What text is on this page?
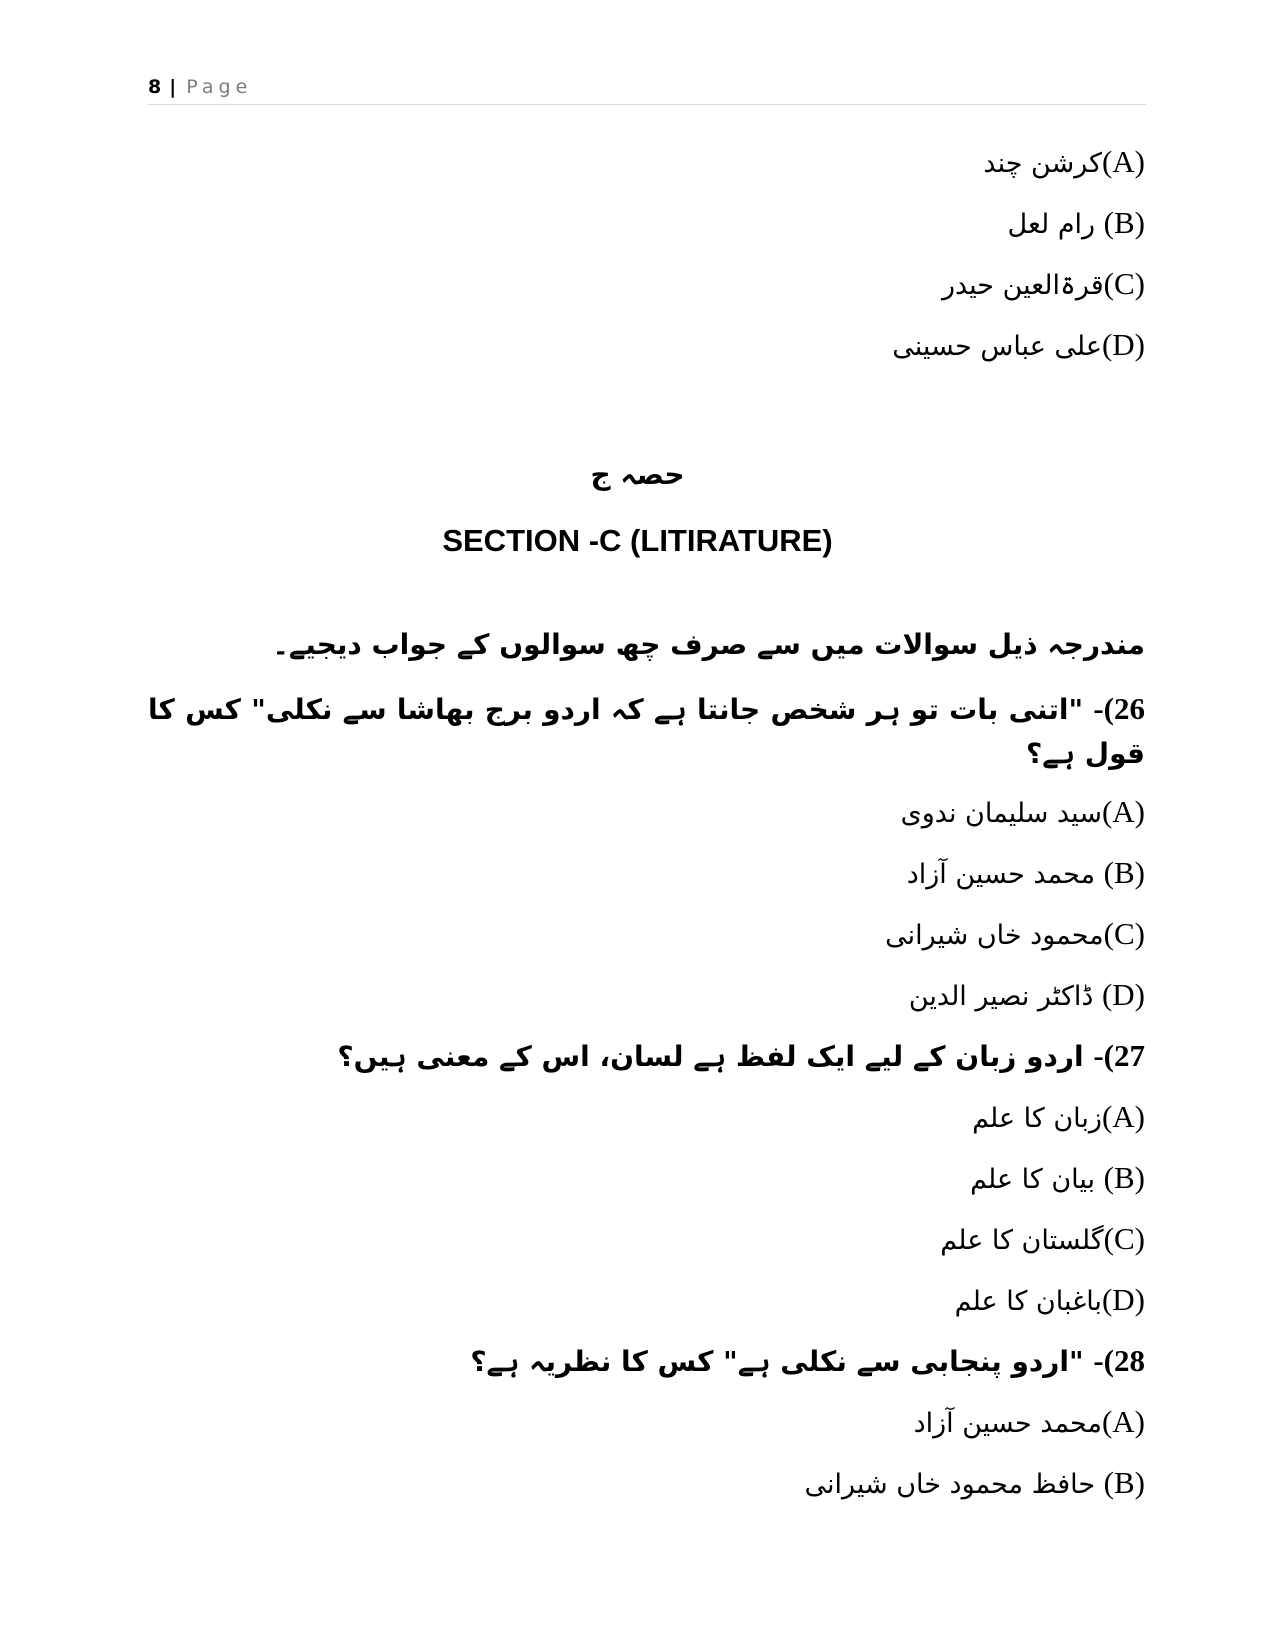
8 | Page
(A)کرشن چند
(B) رام لعل
(C)قرۃالعین حیدر
(D)علی عباس حسینی
حصہ ج
SECTION -C (LITIRATURE)
مندرجہ ذیل سوالات میں سے صرف چھ سوالوں کے جواب دیجیے۔
26)- "اتنی بات تو ہر شخص جانتا ہے کہ اردو برج بھاشا سے نکلی" کس کا قول ہے؟
(A)سید سلیمان ندوی
(B) محمد حسین آزاد
(C)محمود خاں شیرانی
(D) ڈاکٹر نصیر الدین
27)- اردو زبان کے لیے ایک لفظ ہے لسان، اس کے معنی ہیں؟
(A)زبان کا علم
(B) بیان کا علم
(C)گلستان کا علم
(D)باغبان کا علم
28)- "اردو پنجابی سے نکلی ہے" کس کا نظریہ ہے؟
(A)محمد حسین آزاد
(B) حافظ محمود خاں شیرانی
